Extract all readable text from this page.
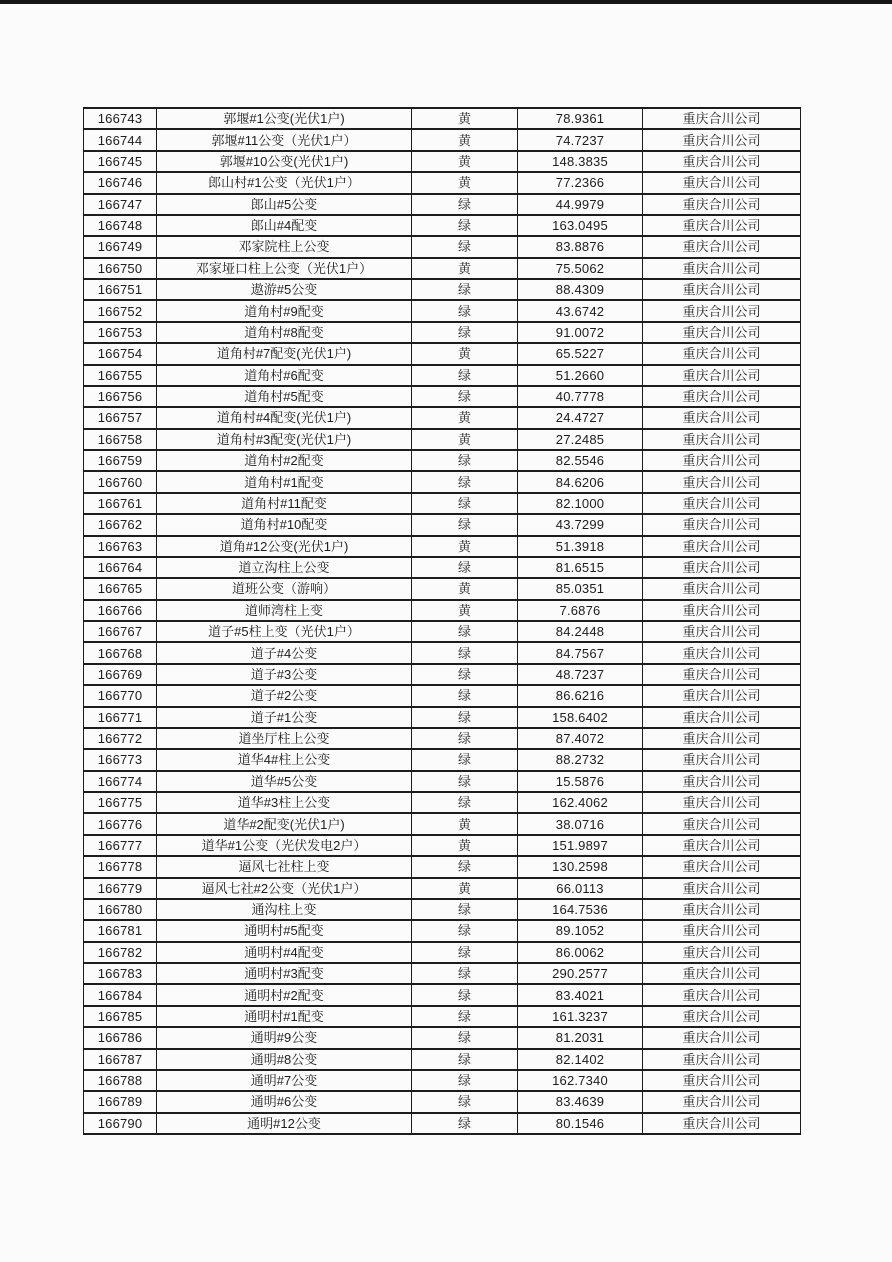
166743	郭堰#1公变(光伏1户)	黄	78.9361	重庆合川公司
166744	郭堰#11公变（光伏1户）	黄	74.7237	重庆合川公司
166745	郭堰#10公变(光伏1户)	黄	148.3835	重庆合川公司
166746	郎山村#1公变（光伏1户）	黄	77.2366	重庆合川公司
166747	郎山#5公变	绿	44.9979	重庆合川公司
166748	郎山#4配变	绿	163.0495	重庆合川公司
166749	邓家院柱上公变	绿	83.8876	重庆合川公司
166750	邓家垭口柱上公变（光伏1户）	黄	75.5062	重庆合川公司
166751	遨游#5公变	绿	88.4309	重庆合川公司
166752	道角村#9配变	绿	43.6742	重庆合川公司
166753	道角村#8配变	绿	91.0072	重庆合川公司
166754	道角村#7配变(光伏1户)	黄	65.5227	重庆合川公司
166755	道角村#6配变	绿	51.2660	重庆合川公司
166756	道角村#5配变	绿	40.7778	重庆合川公司
166757	道角村#4配变(光伏1户)	黄	24.4727	重庆合川公司
166758	道角村#3配变(光伏1户)	黄	27.2485	重庆合川公司
166759	道角村#2配变	绿	82.5546	重庆合川公司
166760	道角村#1配变	绿	84.6206	重庆合川公司
166761	道角村#11配变	绿	82.1000	重庆合川公司
166762	道角村#10配变	绿	43.7299	重庆合川公司
166763	道角#12公变(光伏1户)	黄	51.3918	重庆合川公司
166764	道立沟柱上公变	绿	81.6515	重庆合川公司
166765	道班公变（游响）	黄	85.0351	重庆合川公司
166766	道师湾柱上变	黄	7.6876	重庆合川公司
166767	道子#5柱上变（光伏1户）	绿	84.2448	重庆合川公司
166768	道子#4公变	绿	84.7567	重庆合川公司
166769	道子#3公变	绿	48.7237	重庆合川公司
166770	道子#2公变	绿	86.6216	重庆合川公司
166771	道子#1公变	绿	158.6402	重庆合川公司
166772	道坐厅柱上公变	绿	87.4072	重庆合川公司
166773	道华4#柱上公变	绿	88.2732	重庆合川公司
166774	道华#5公变	绿	15.5876	重庆合川公司
166775	道华#3柱上公变	绿	162.4062	重庆合川公司
166776	道华#2配变(光伏1户)	黄	38.0716	重庆合川公司
166777	道华#1公变（光伏发电2户）	黄	151.9897	重庆合川公司
166778	逼风七社柱上变	绿	130.2598	重庆合川公司
166779	逼风七社#2公变（光伏1户）	黄	66.0113	重庆合川公司
166780	通沟柱上变	绿	164.7536	重庆合川公司
166781	通明村#5配变	绿	89.1052	重庆合川公司
166782	通明村#4配变	绿	86.0062	重庆合川公司
166783	通明村#3配变	绿	290.2577	重庆合川公司
166784	通明村#2配变	绿	83.4021	重庆合川公司
166785	通明村#1配变	绿	161.3237	重庆合川公司
166786	通明#9公变	绿	81.2031	重庆合川公司
166787	通明#8公变	绿	82.1402	重庆合川公司
166788	通明#7公变	绿	162.7340	重庆合川公司
166789	通明#6公变	绿	83.4639	重庆合川公司
166790	通明#12公变	绿	80.1546	重庆合川公司
